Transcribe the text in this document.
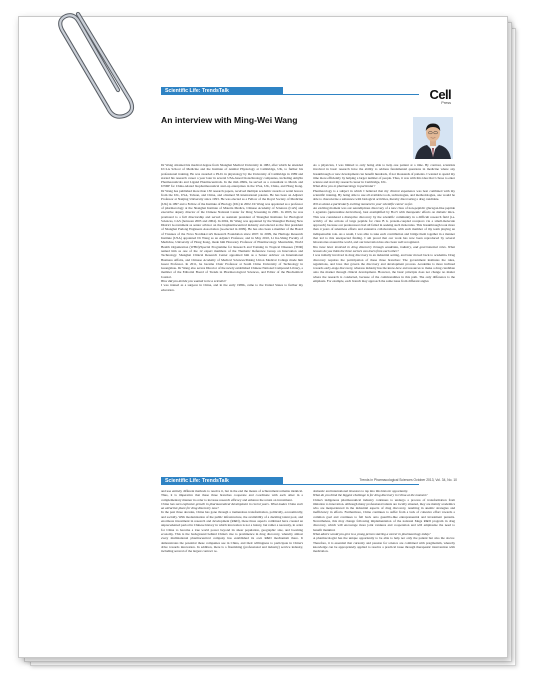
Scientific Life: TrendsTalk	Cell
Press
An interview with Ming-Wei Wang

Dr Wang obtained his medical degree from Shanghai Medical University in 1982, after which he attended UCLA School of Medicine and the Institute of Animal Physiology at Cambridge, UK, to further his professional training. He was awarded a Ph.D. in physiology by the University of Cambridge in 1989 and started his research career a year later in several USA-based biotechnology companies, including Amylin Pharmaceuticals and Ligand Pharmaceuticals. In the mid-1990s, he served as a consultant to Merck and UNDP for China-related biopharmaceutical start-up enterprises in the USA, UK, China, and Hong Kong. Dr Wang has published more than 130 research papers, received multiple academic awards or serial honors from the UK, USA, Taiwan, and China, and obtained 36 international patents. He has been an Adjunct Professor at Nanjing University since 1993. He was elected as a Fellow of the Royal Society of Medicine (UK) in 1997 and a Fellow of the Institute of Biology (UK) in 2002. Dr Wang was appointed as a professor of pharmacology at the Shanghai Institute of Materia Medica, Chinese Academy of Sciences (CAS) and executive deputy director of the Chinese National Center for Drug Screening in 2001. In 2003, he was promoted to a full directorship and served as assistant president of Shanghai Institutes for Biological Sciences, CAS (between 2003 and 2004). In 2004, Dr Wang was appointed by the Shanghai Pudong New District Government as senior advisor on the biopharmaceutical industry and elected as the first president of Shanghai Pudong Engineers Association (re-elected in 2009). He has also been a member of the Board of Trustees of the Nova Nordisk-CAS Research Foundation since 2007. In 2009, the Heritage Research Institute (USA) appointed Dr Wang as an Adjunct Professor, and in May 2010, Li Ka-Shing Faculty of Medicine, University of Hong Kong, made him Honorary Professor of Pharmacology. Meanwhile, World Health Organization (WHO)/Special Programme for Research and Training in Tropical Diseases (TDR) named him as one of the 12 expert members of the Thematic Reference Group on Innovation and Technology. Shanghai Clinical Research Center appointed him as a Senior Advisor on International Business Affairs, and Chinese Academy of Medical Sciences/Peking Union Medical College made him Guest Professor. In 2011, he became Chair Professor at South China University of Technology in Guangzhou. Dr Wang also serves Director of the newly established Chinese National Compound Library, a member of the Editorial Board of Trends in Pharmacological Sciences, and Editor of the Biochemical Journal.

How did you decide you wanted to be a scientist?

I was trained as a surgeon in China, and in the early 1980s, came to the United States to further my education.

As a physician, I was limited to only being able to help one patient at a time. By contrast, scientists involved in basic research have the ability to address fundamental questions in medicine where any breakthrough or new development can benefit hundreds, if not thousands of patients. I wanted to spend my time more efficiently by helping a larger number of people. Thus, it was with this idea that I chose to enter science and start my research career in Cambridge, UK.

What drew you to pharmacology in particular?

Pharmacology is a subject in which I believed that my clinical experience was best combined with my scientific training. By being able to use all available tools, technologies, and methodologies, one would be able to characterize a substance with biological activities, thereby discovering a drug candidate.

Tell us about a particularly exciting moment in your scientific career so far.

An exciting moment was our serendipitous discovery of a new class of non-peptidic glucagon-like peptide 1 agonists (quinoxaline derivatives), best exemplified by Boc5 with therapeutic effects on diabetic mice. This was considered a disruptive discovery by the scientific community in a difficult research field (i.e. activity of the actions of large peptide for class B G protein-coupled receptors via a small-molecule approach) because our predecessors had all failed in seeking such molecules. This breakthrough took more than 4 years of relentless efforts and extensive collaborations, with each member of my team playing an indispensable role. As a result, I was able to take each contribution and bridge them together in a manner that led to this unexpected finding. I am proud that our work has now been reproduced by several laboratories around the world, and our innovation has also been well recognized.

You have been involved in drug discovery through academia, industry, and governmental roles. What lessons do you think the three sectors can learn from each other?

I was initially involved in drug discovery in an industrial setting, and later moved back to academia. Drug discovery requires the participation of these three branches: The government institutes the rules, regulations, and laws that govern the discovery and development process. Academia is more inclined towards early-stage discovery, whereas industry has the know-how and resources to make a drug candidate onto the market through clinical development. However, the basic principle does not change no matter where the research is conducted, because of the commonalities in this path. The only difference is the emphasis. For example, each branch may approach the same issue from different angles

Scientific Life: TrendsTalk	Trends in Pharmacological Sciences October 2013, Vol. 34, No. 10

and use entirely different methods to resolve it, but in the end the means of achievement remains identical. Thus, it is imperative that these three branches cooperate and coordinate with each other in a complementary manner in order to increase research efficacy and enhance the return on investment.

China has seen explosive growth in pharmaceutical development in recent years. What makes China such an attractive place for drug discovery now?

In the past three decades, China has gone through a tremendous transformation, politically, economically, and socially. With modernization of the public infrastructure, the availability of a dazzling talent pool, and enormous investment in research and development (R&D), these three aspects combined have created an unprecedented period in Chinese history in which innovation is not a luxury, but rather a necessity, in order for China to become a true world power beyond its sheer population, geographic size, and booming economy. This is the background behind China's rise to prominence in drug discovery, whereby almost every multinational pharmaceutical company has established its own R&D mechanism there. It demonstrates the potential these companies see in China, and their willingness to participate in China's drive towards innovation. In addition, there is a flourishing (professional and industry) service industry, including several of the largest contract re-

domestic and international investors to tap into this historic opportunity.

What do you think the biggest challenge is for drug discovery in China at the moment?

China's indigenous pharmaceutical industry continues to undergo a process of transformation from imitation to innovation. Although many professional talents are locally situated, they are mainly academics who are inexperienced in the industrial aspects of drug discovery, resulting in anemic strategies and inefficiency in efforts. Furthermore, China continues to suffer from a lack of cohesive effort towards a common goal and continues to fall back onto guerrilla-like entrepreneurial and investment pursuits. Nevertheless, this may change following implementation of the national Mega R&D program in drug discovery, which will encourage more joint ventures and cooperation and will emphasize the need to benefit mankind.

What advice would you give to a young person starting a career in pharmacology today?

A pharmacologist has the unique opportunity to be able to help not only the patient but also the doctor. Therefore, it is essential that curiosity and passion for science are combined with pragmatism, whereby knowledge can be appropriately applied to resolve a practical issue through therapeutic intervention with medication.
